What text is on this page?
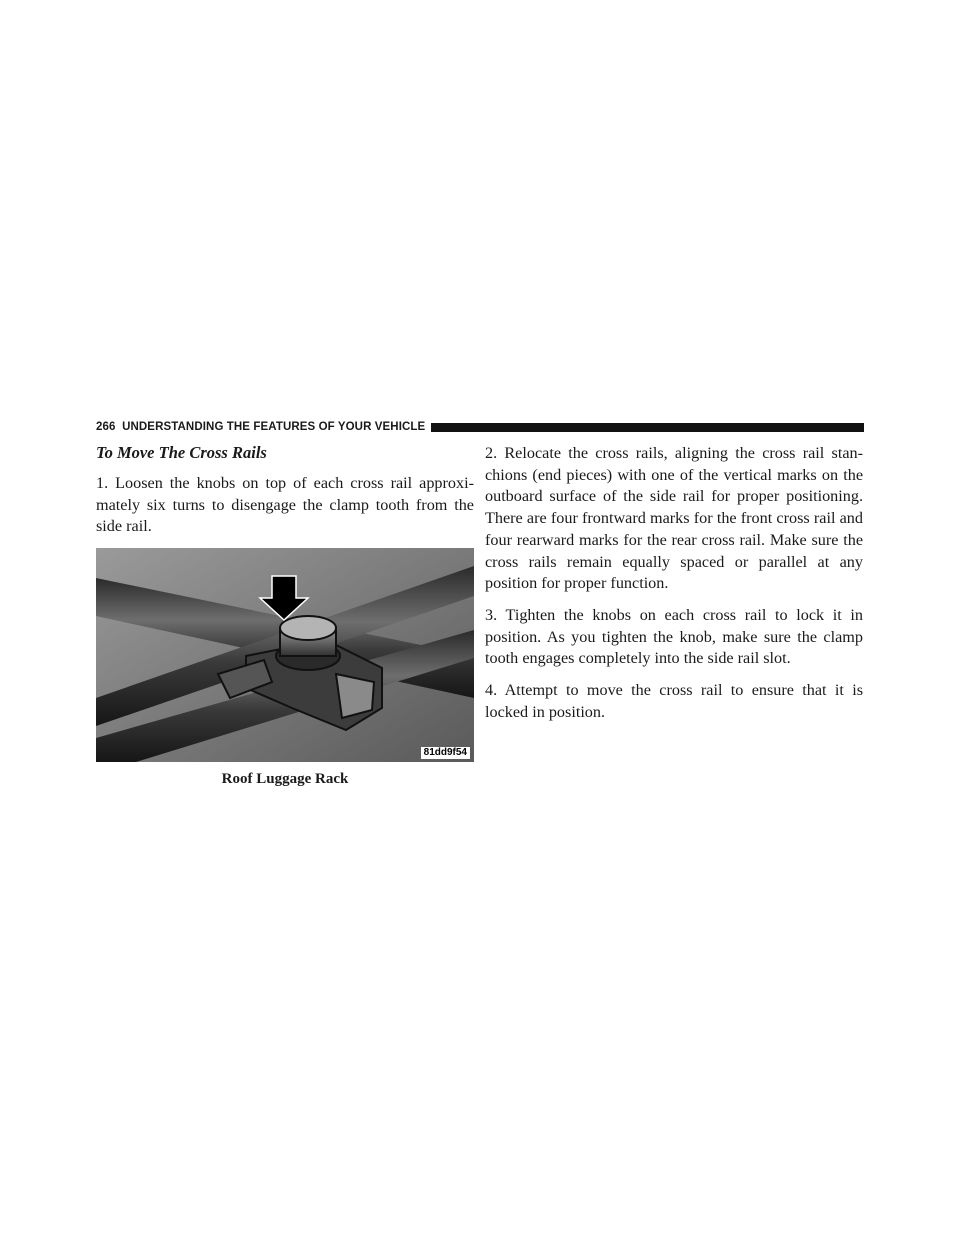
266 UNDERSTANDING THE FEATURES OF YOUR VEHICLE
To Move The Cross Rails

1. Loosen the knobs on top of each cross rail approxi-mately six turns to disengage the clamp tooth from the side rail.

81dd9f54
Roof Luggage Rack

2. Relocate the cross rails, aligning the cross rail stan-chions (end pieces) with one of the vertical marks on the outboard surface of the side rail for proper positioning. There are four frontward marks for the front cross rail and four rearward marks for the rear cross rail. Make sure the cross rails remain equally spaced or parallel at any position for proper function.

3. Tighten the knobs on each cross rail to lock it in position. As you tighten the knob, make sure the clamp tooth engages completely into the side rail slot.

4. Attempt to move the cross rail to ensure that it is locked in position.
